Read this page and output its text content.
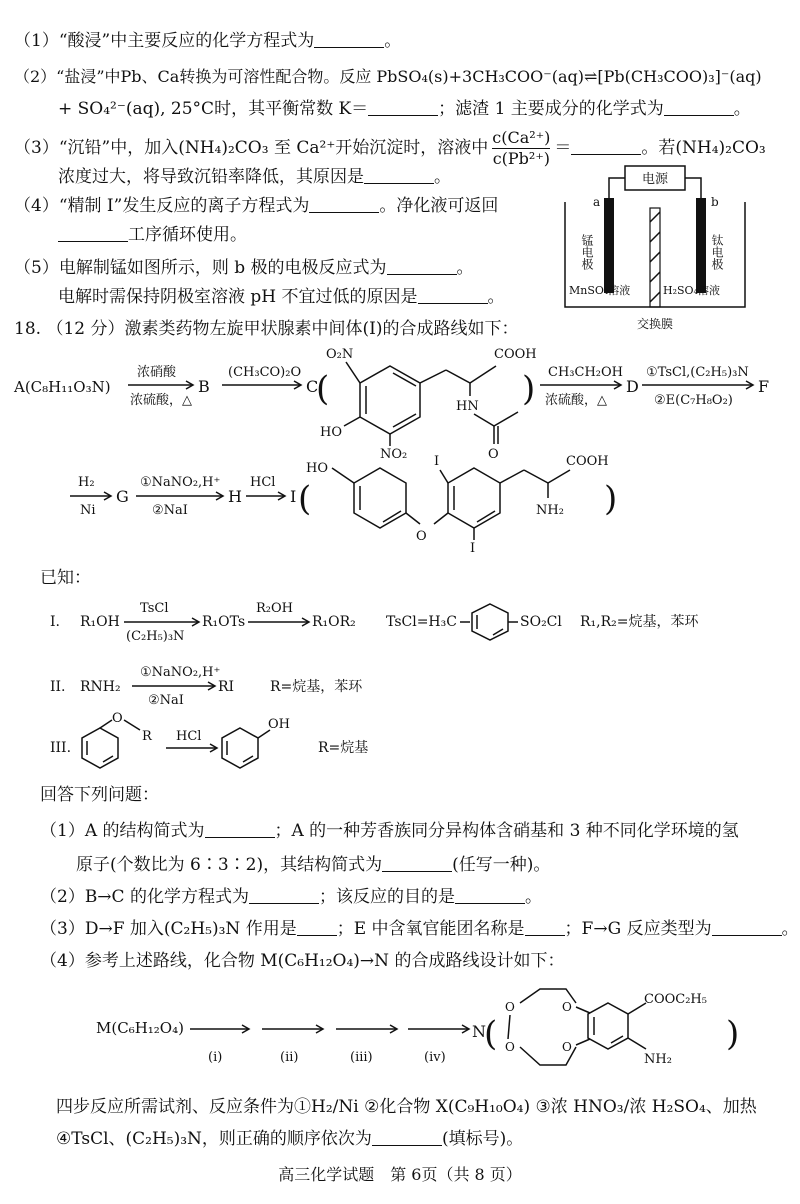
（1）“酸浸”中主要反应的化学方程式为	。
（2）“盐浸”中Pb、Ca转换为可溶性配合物。反应 PbSO₄(s)+3CH₃COO⁻(aq)⇌[Pb(CH₃COO)₃]⁻(aq)
+ SO₄²⁻(aq), 25°C时，其平衡常数 K＝	；滤渣 1 主要成分的化学式为	。
（3）“沉铅”中，加入(NH₄)₂CO₃ 至 Ca²⁺开始沉淀时，溶液中 $\frac{\text{c(Ca²⁺)}}{\text{c(Pb²⁺)}}$ ＝	。若(NH₄)₂CO₃
浓度过大，将导致沉铅率降低，其原因是	。
（4）“精制 I”发生反应的离子方程式为	。净化液可返回
工序循环使用。
（5）电解制锰如图所示，则 b 极的电极反应式为	。
电解时需保持阴极室溶液 pH 不宜过低的原因是	。
电源
a	b
锰电极	钛电极
MnSO₄溶液	H₂SO₄溶液
交换膜
18. （12 分）激素类药物左旋甲状腺素中间体(I)的合成路线如下：
A(C₈H₁₁O₃N)
浓硝酸
浓硫酸，△
B
(CH₃CO)₂O
C
(
O₂N
HO
NO₂
COOH
HN
O
) CH₃CH₂OH
浓硫酸，△
D
①TsCl,(C₂H₅)₃N
②E(C₇H₈O₂)
F
H₂
Ni
G
①NaNO₂,H⁺
②NaI
H
HCl
I (
HO
O
I
I
COOH
NH₂ )
已知：
I. R₁OH
TsCl
(C₂H₅)₃N
R₁OTs
R₂OH
R₁OR₂ TsCl=H₃C	SO₂Cl R₁,R₂=烷基，苯环
II. RNH₂
①NaNO₂,H⁺
②NaI
RI	R=烷基，苯环
III.
O
R HCl
OH
R=烷基
回答下列问题：
（1）A 的结构简式为	；A 的一种芳香族同分异构体含硝基和 3 种不同化学环境的氢
原子(个数比为 6∶3∶2)，其结构简式为	(任写一种)。
（2）B→C 的化学方程式为	；该反应的目的是	。
（3）D→F 加入(C₂H₅)₃N 作用是 ；E 中含氧官能团名称是 ；F→G 反应类型为	。
（4）参考上述路线，化合物 M(C₆H₁₂O₄)→N 的合成路线设计如下：
M(C₆H₁₂O₄)
(i)	(ii)	(iii)	(iv)
N
(
O
O
O
O
COOC₂H₅
NH₂
)
四步反应所需试剂、反应条件为①H₂/Ni ②化合物 X(C₉H₁₀O₄) ③浓 HNO₃/浓 H₂SO₄、加热
④TsCl、(C₂H₅)₃N，则正确的顺序依次为	(填标号)。
高三化学试题　第 6页（共 8 页）
